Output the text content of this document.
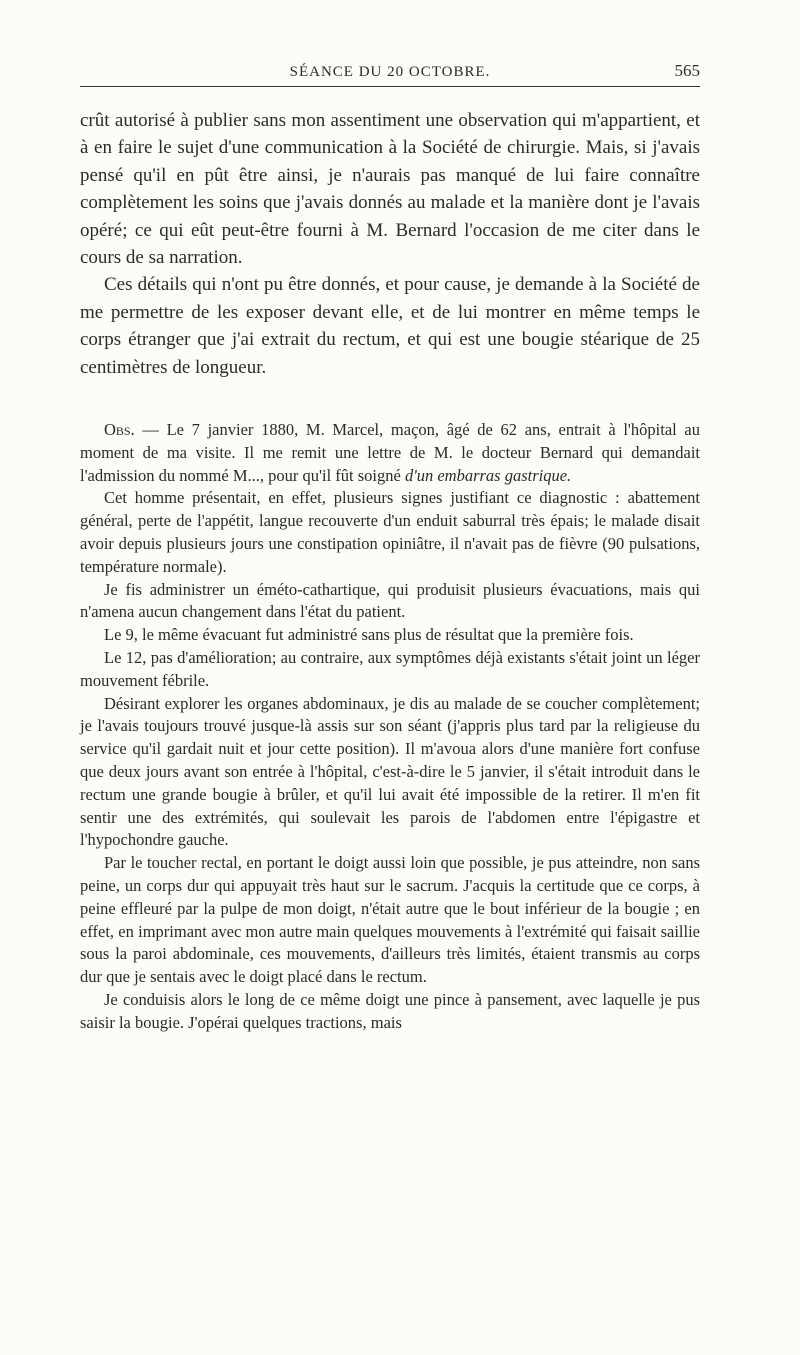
SÉANCE DU 20 OCTOBRE.	565

crût autorisé à publier sans mon assentiment une observation qui m'appartient, et à en faire le sujet d'une communication à la Société de chirurgie. Mais, si j'avais pensé qu'il en pût être ainsi, je n'aurais pas manqué de lui faire connaître complètement les soins que j'avais donnés au malade et la manière dont je l'avais opéré; ce qui eût peut-être fourni à M. Bernard l'occasion de me citer dans le cours de sa narration.

Ces détails qui n'ont pu être donnés, et pour cause, je demande à la Société de me permettre de les exposer devant elle, et de lui montrer en même temps le corps étranger que j'ai extrait du rectum, et qui est une bougie stéarique de 25 centimètres de longueur.

Obs. — Le 7 janvier 1880, M. Marcel, maçon, âgé de 62 ans, entrait à l'hôpital au moment de ma visite. Il me remit une lettre de M. le docteur Bernard qui demandait l'admission du nommé M..., pour qu'il fût soigné d'un embarras gastrique.

Cet homme présentait, en effet, plusieurs signes justifiant ce diagnostic : abattement général, perte de l'appétit, langue recouverte d'un enduit saburral très épais; le malade disait avoir depuis plusieurs jours une constipation opiniâtre, il n'avait pas de fièvre (90 pulsations, température normale).

Je fis administrer un éméto-cathartique, qui produisit plusieurs évacuations, mais qui n'amena aucun changement dans l'état du patient.

Le 9, le même évacuant fut administré sans plus de résultat que la première fois.

Le 12, pas d'amélioration; au contraire, aux symptômes déjà existants s'était joint un léger mouvement fébrile.

Désirant explorer les organes abdominaux, je dis au malade de se coucher complètement; je l'avais toujours trouvé jusque-là assis sur son séant (j'appris plus tard par la religieuse du service qu'il gardait nuit et jour cette position). Il m'avoua alors d'une manière fort confuse que deux jours avant son entrée à l'hôpital, c'est-à-dire le 5 janvier, il s'était introduit dans le rectum une grande bougie à brûler, et qu'il lui avait été impossible de la retirer. Il m'en fit sentir une des extrémités, qui soulevait les parois de l'abdomen entre l'épigastre et l'hypochondre gauche.

Par le toucher rectal, en portant le doigt aussi loin que possible, je pus atteindre, non sans peine, un corps dur qui appuyait très haut sur le sacrum. J'acquis la certitude que ce corps, à peine effleuré par la pulpe de mon doigt, n'était autre que le bout inférieur de la bougie ; en effet, en imprimant avec mon autre main quelques mouvements à l'extrémité qui faisait saillie sous la paroi abdominale, ces mouvements, d'ailleurs très limités, étaient transmis au corps dur que je sentais avec le doigt placé dans le rectum.

Je conduisis alors le long de ce même doigt une pince à pansement, avec laquelle je pus saisir la bougie. J'opérai quelques tractions, mais
